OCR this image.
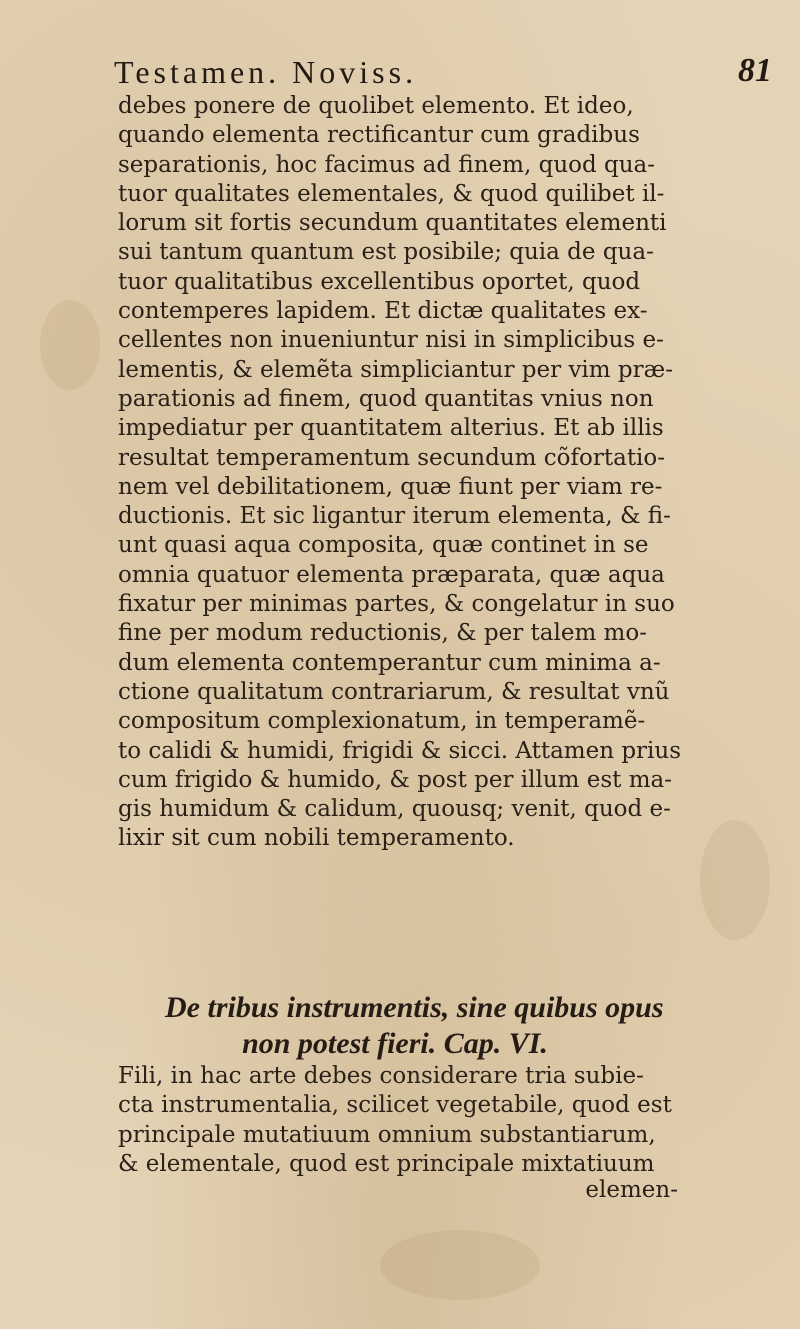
Testamen. Noviss.	81
debes ponere de quolibet elemento. Et ideo,
quando elementa rectificantur cum gradibus
separationis, hoc facimus ad finem, quod qua-
tuor qualitates elementales, & quod quilibet il-
lorum sit fortis secundum quantitates elementi
sui tantum quantum est posibile; quia de qua-
tuor qualitatibus excellentibus oportet, quod
contemperes lapidem. Et dictæ qualitates ex-
cellentes non inueniuntur nisi in simplicibus e-
lementis, & elemẽta simpliciantur per vim præ-
parationis ad finem, quod quantitas vnius non
impediatur per quantitatem alterius. Et ab illis
resultat temperamentum secundum cõfortatio-
nem vel debilitationem, quæ fiunt per viam re-
ductionis. Et sic ligantur iterum elementa, & fi-
unt quasi aqua composita, quæ continet in se
omnia quatuor elementa præparata, quæ aqua
fixatur per minimas partes, & congelatur in suo
fine per modum reductionis, & per talem mo-
dum elementa contemperantur cum minima a-
ctione qualitatum contrariarum, & resultat vnũ
compositum complexionatum, in temperamẽ-
to calidi & humidi, frigidi & sicci. Attamen prius
cum frigido & humido, & post per illum est ma-
gis humidum & calidum, quousq; venit, quod e-
lixir sit cum nobili temperamento.
De tribus instrumentis, sine quibus opus
non potest fieri. Cap. VI.
Fili, in hac arte debes considerare tria subie-
cta instrumentalia, scilicet vegetabile, quod est
principale mutatiuum omnium substantiarum,
& elementale, quod est principale mixtatiuum
elemen-
